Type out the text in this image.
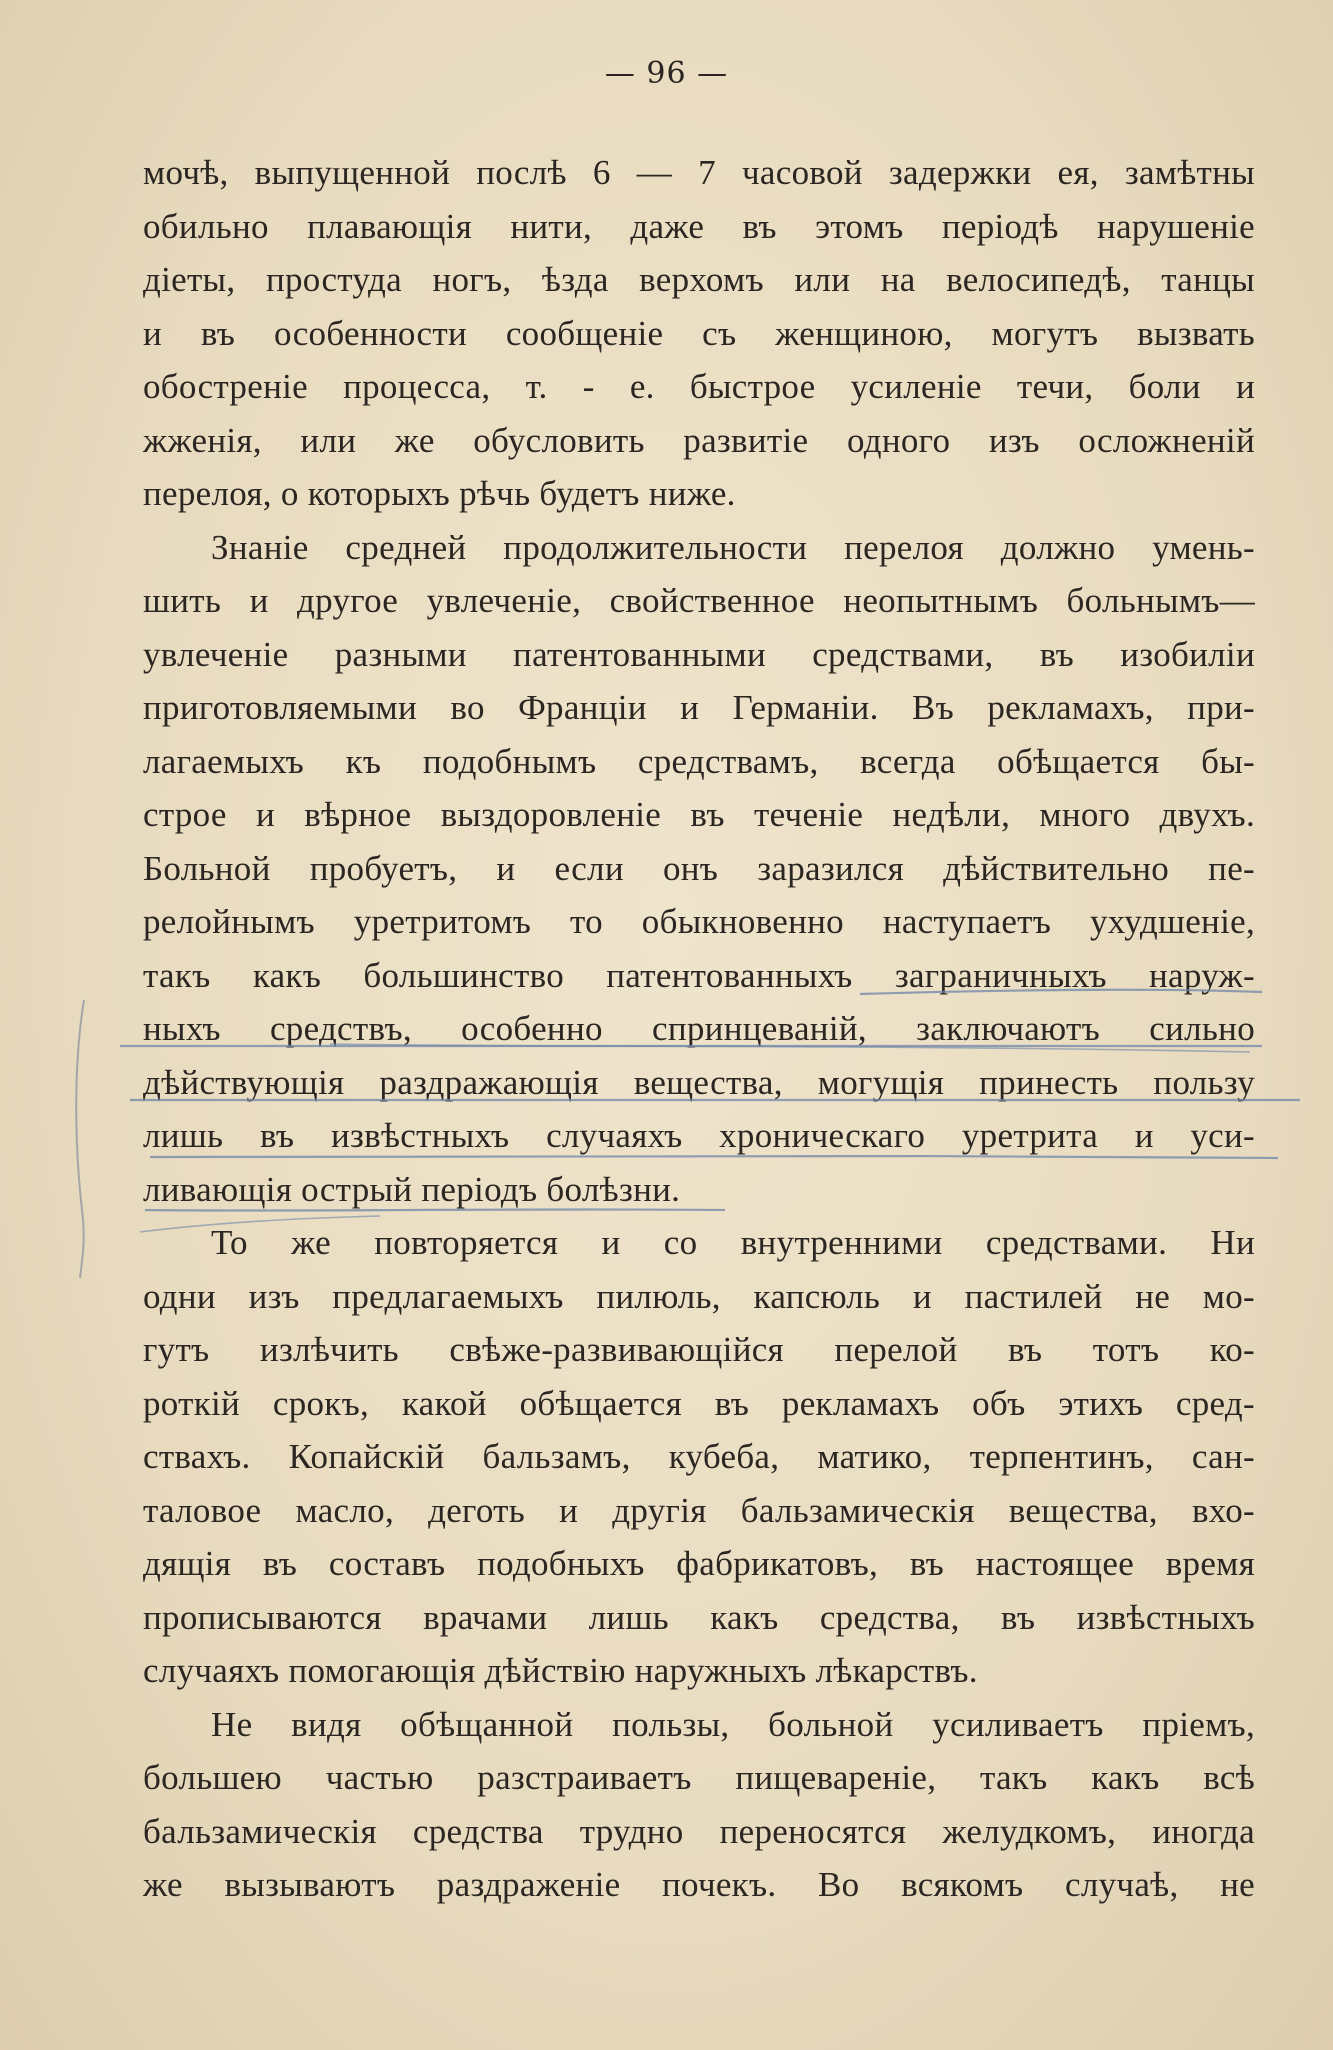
— 96 —
мочѣ, выпущенной послѣ 6 — 7 часовой задержки ея, замѣтны
обильно плавающія нити, даже въ этомъ періодѣ нарушеніе
діеты, простуда ногъ, ѣзда верхомъ или на велосипедѣ, танцы
и въ особенности сообщеніе съ женщиною, могутъ вызвать
обостреніе процесса, т. - е. быстрое усиленіе течи, боли и
жженія, или же обусловить развитіе одного изъ осложненій
перелоя, о которыхъ рѣчь будетъ ниже.
Знаніе средней продолжительности перелоя должно умень-
шить и другое увлеченіе, свойственное неопытнымъ больнымъ—
увлеченіе разными патентованными средствами, въ изобиліи
приготовляемыми во Франціи и Германіи. Въ рекламахъ, при-
лагаемыхъ къ подобнымъ средствамъ, всегда обѣщается бы-
строе и вѣрное выздоровленіе въ теченіе недѣли, много двухъ.
Больной пробуетъ, и если онъ заразился дѣйствительно пе-
релойнымъ уретритомъ то обыкновенно наступаетъ ухудшеніе,
такъ какъ большинство патентованныхъ заграничныхъ наруж-
ныхъ средствъ, особенно спринцеваній, заключаютъ сильно
дѣйствующія раздражающія вещества, могущія принесть пользу
лишь въ извѣстныхъ случаяхъ хроническаго уретрита и уси-
ливающія острый періодъ болѣзни.
То же повторяется и со внутренними средствами. Ни
одни изъ предлагаемыхъ пилюль, капсюль и пастилей не мо-
гутъ излѣчить свѣже-развивающійся перелой въ тотъ ко-
роткій срокъ, какой обѣщается въ рекламахъ объ этихъ сред-
ствахъ. Копайскій бальзамъ, кубеба, матико, терпентинъ, сан-
таловое масло, деготь и другія бальзамическія вещества, вхо-
дящія въ составъ подобныхъ фабрикатовъ, въ настоящее время
прописываются врачами лишь какъ средства, въ извѣстныхъ
случаяхъ помогающія дѣйствію наружныхъ лѣкарствъ.
Не видя обѣщанной пользы, больной усиливаетъ пріемъ,
большею частью разстраиваетъ пищевареніе, такъ какъ всѣ
бальзамическія средства трудно переносятся желудкомъ, иногда
же вызываютъ раздраженіе почекъ. Во всякомъ случаѣ, не
